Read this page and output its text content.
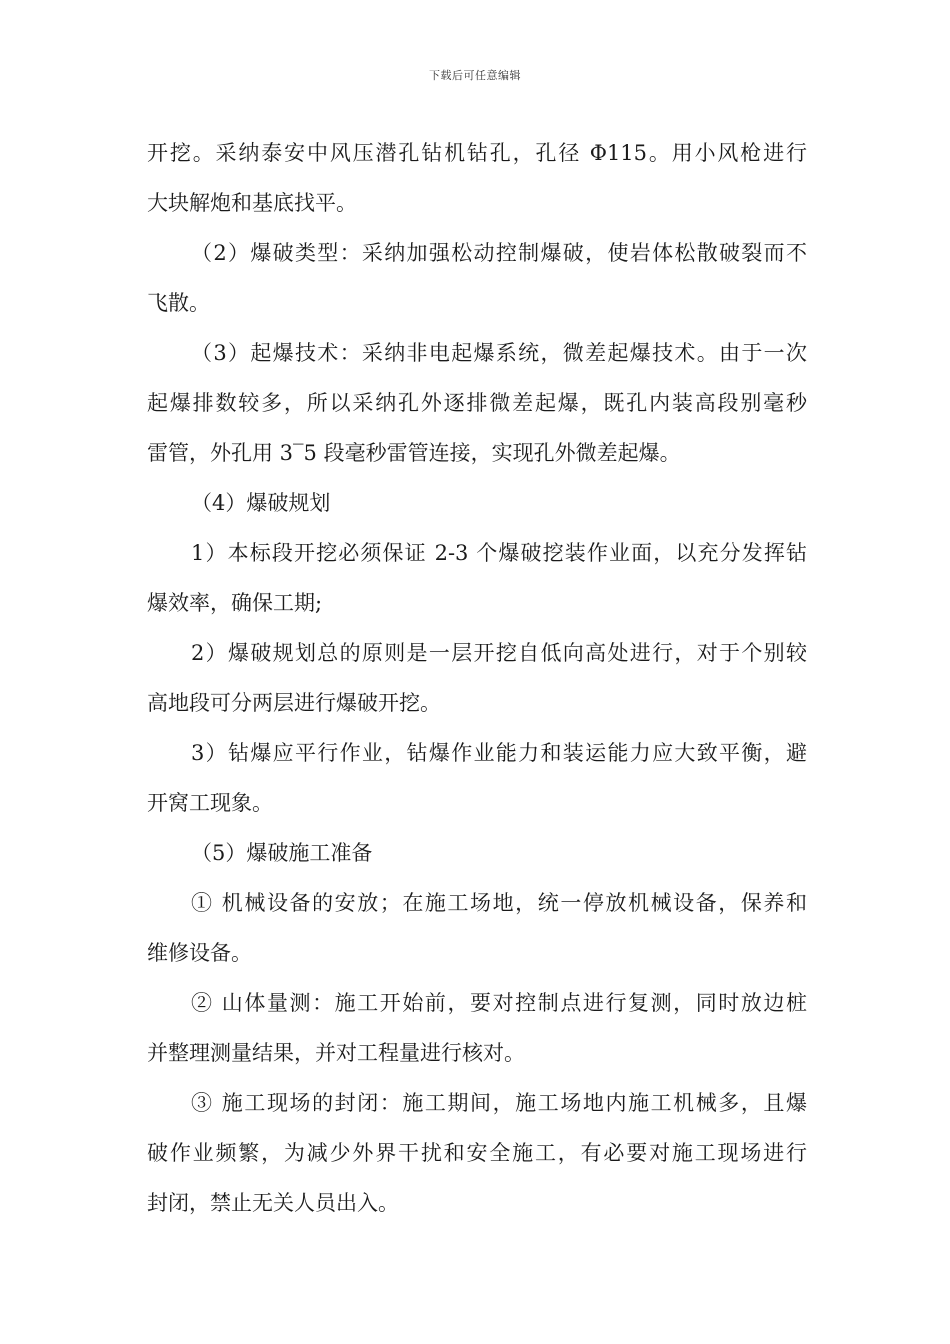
下载后可任意编辑
开挖。采纳泰安中风压潜孔钻机钻孔，孔径 Φ115。用小风枪进行
大块解炮和基底找平。
（2）爆破类型：采纳加强松动控制爆破，使岩体松散破裂而不
飞散。
（3）起爆技术：采纳非电起爆系统，微差起爆技术。由于一次
起爆排数较多，所以采纳孔外逐排微差起爆，既孔内装高段别毫秒
雷管，外孔用 3‾5 段毫秒雷管连接，实现孔外微差起爆。
（4）爆破规划
1）本标段开挖必须保证 2-3 个爆破挖装作业面，以充分发挥钻
爆效率，确保工期;
2）爆破规划总的原则是一层开挖自低向高处进行，对于个别较
高地段可分两层进行爆破开挖。
3）钻爆应平行作业，钻爆作业能力和装运能力应大致平衡，避
开窝工现象。
（5）爆破施工准备
① 机械设备的安放；在施工场地，统一停放机械设备，保养和
维修设备。
② 山体量测：施工开始前，要对控制点进行复测，同时放边桩
并整理测量结果，并对工程量进行核对。
③ 施工现场的封闭：施工期间，施工场地内施工机械多，且爆
破作业频繁，为减少外界干扰和安全施工，有必要对施工现场进行
封闭，禁止无关人员出入。
